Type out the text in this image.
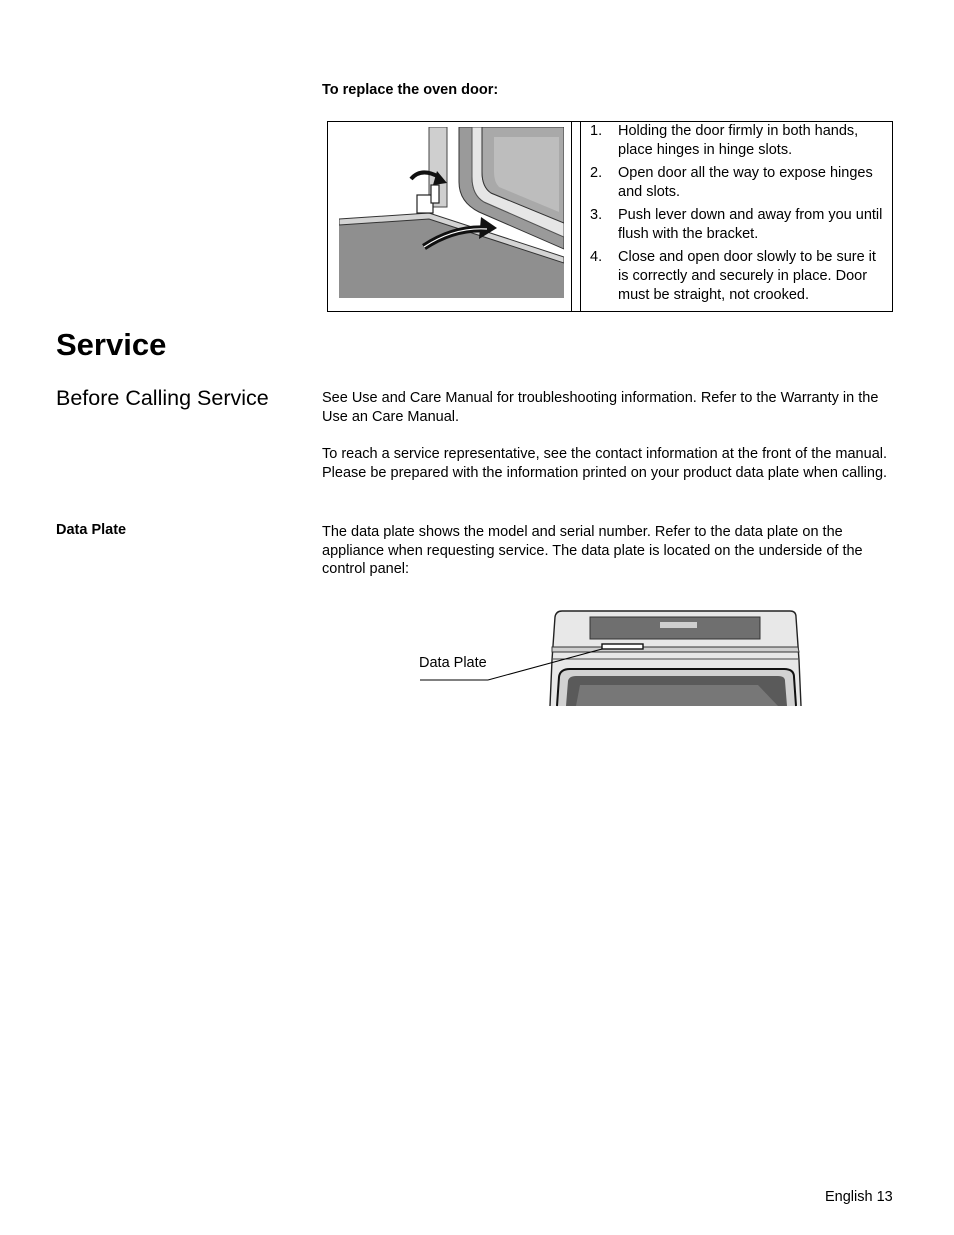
To replace the oven door:
1. Holding the door firmly in both hands, place hinges in hinge slots.
2. Open door all the way to expose hinges and slots.
3. Push lever down and away from you until flush with the bracket.
4. Close and open door slowly to be sure it is correctly and securely in place. Door must be straight, not crooked.
Service
Before Calling Service	See Use and Care Manual for troubleshooting information. Refer to the Warranty in the Use an Care Manual.
To reach a service representative, see the contact information at the front of the manual. Please be prepared with the information printed on your product data plate when calling.
Data Plate	The data plate shows the model and serial number. Refer to the data plate on the appliance when requesting service. The data plate is located on the underside of the control panel:
Data Plate
English 13
